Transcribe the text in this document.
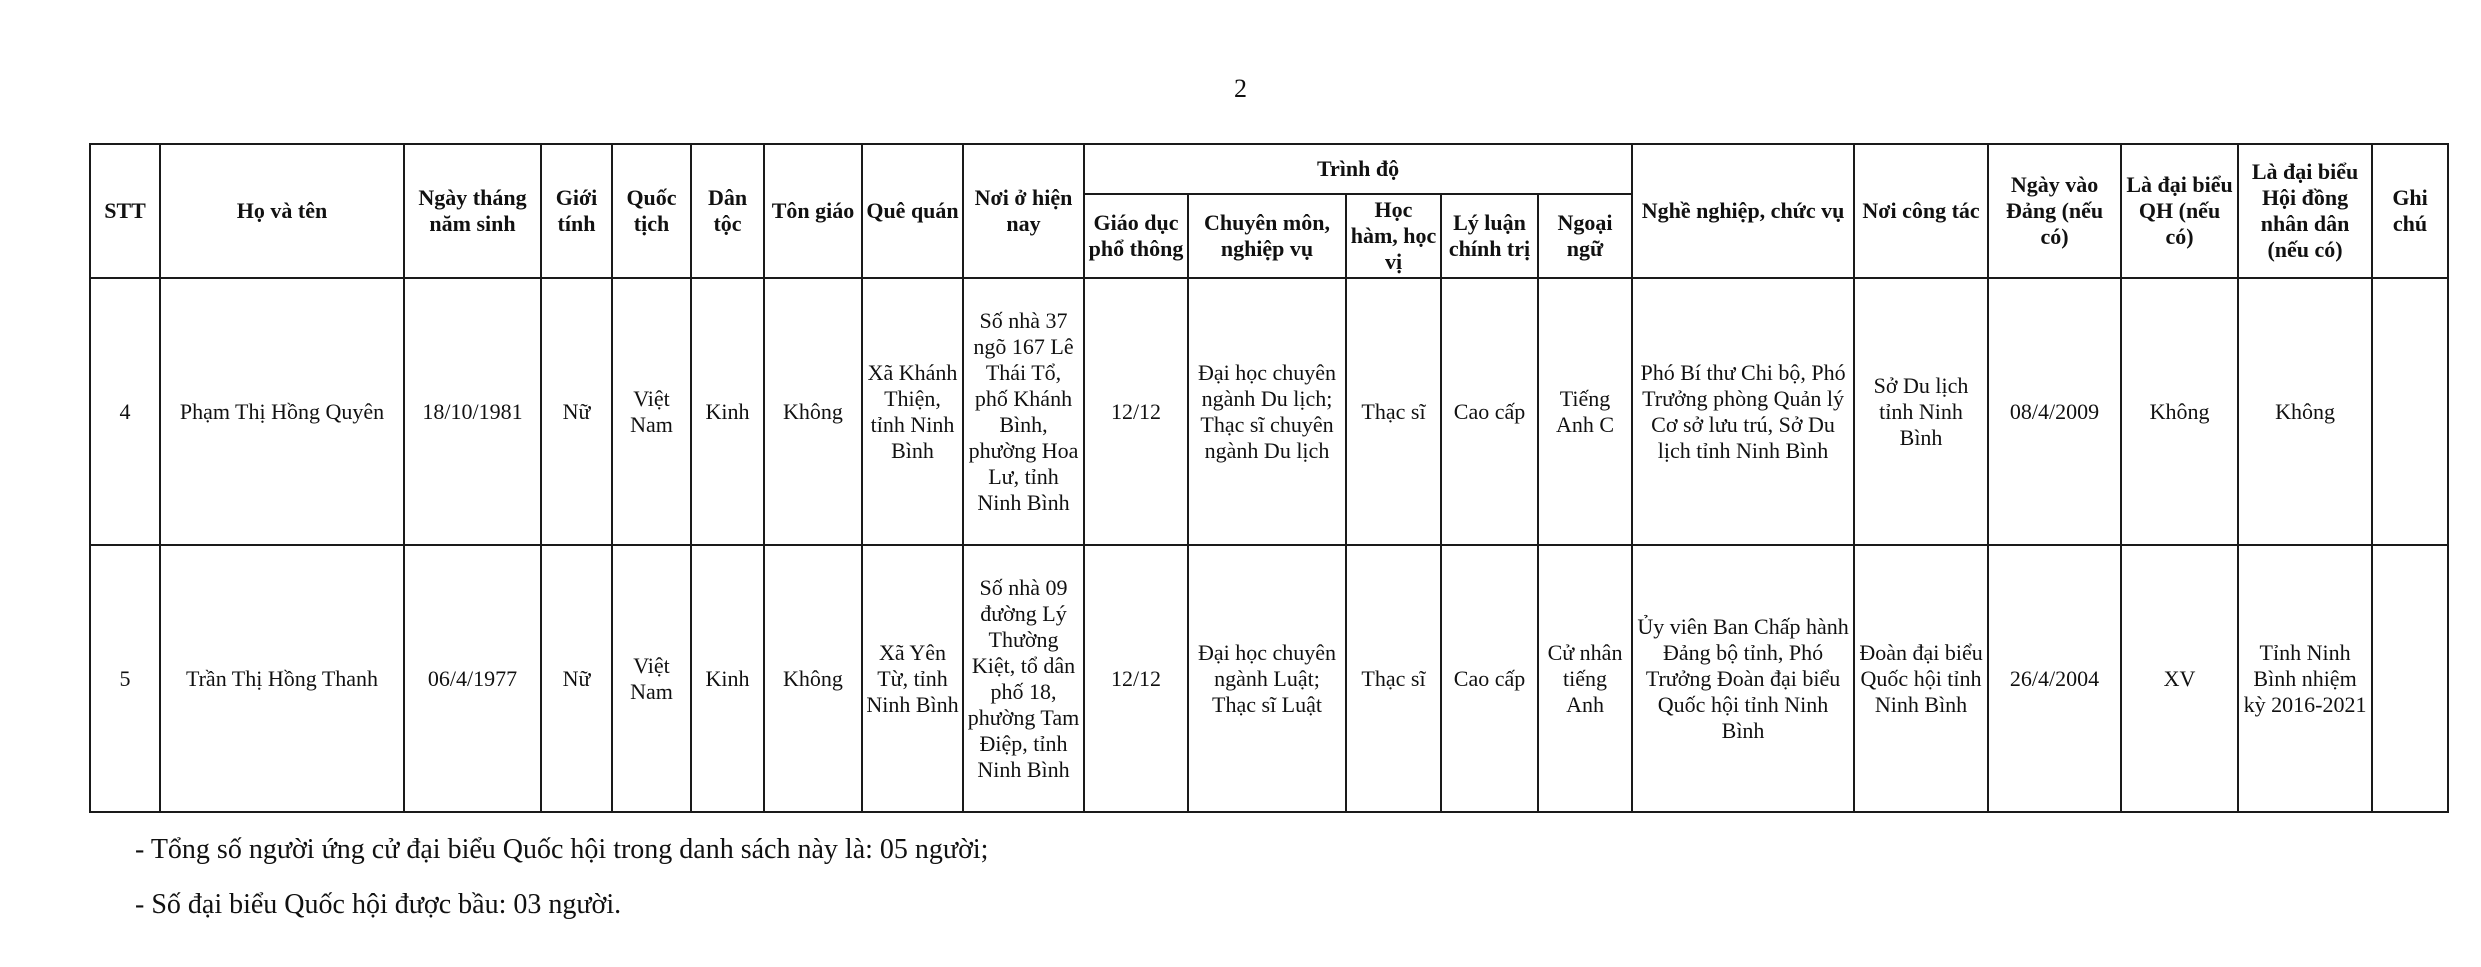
2
STT	Họ và tên	Ngày tháng năm sinh	Giới tính	Quốc tịch	Dân tộc	Tôn giáo	Quê quán	Nơi ở hiện nay	Trình độ					Nghề nghiệp, chức vụ	Nơi công tác	Ngày vào Đảng (nếu có)	Là đại biểu QH (nếu có)	Là đại biểu Hội đồng nhân dân (nếu có)	Ghi chú
									Giáo dục phổ thông	Chuyên môn, nghiệp vụ	Học hàm, học vị	Lý luận chính trị	Ngoại ngữ						
4	Phạm Thị Hồng Quyên	18/10/1981	Nữ	Việt Nam	Kinh	Không	Xã Khánh Thiện, tỉnh Ninh Bình	Số nhà 37 ngõ 167 Lê Thái Tổ, phố Khánh Bình, phường Hoa Lư, tỉnh Ninh Bình	12/12	Đại học chuyên ngành Du lịch; Thạc sĩ chuyên ngành Du lịch	Thạc sĩ	Cao cấp	Tiếng Anh C	Phó Bí thư Chi bộ, Phó Trưởng phòng Quản lý Cơ sở lưu trú, Sở Du lịch tỉnh Ninh Bình	Sở Du lịch tỉnh Ninh Bình	08/4/2009	Không	Không	
5	Trần Thị Hồng Thanh	06/4/1977	Nữ	Việt Nam	Kinh	Không	Xã Yên Từ, tỉnh Ninh Bình	Số nhà 09 đường Lý Thường Kiệt, tổ dân phố 18, phường Tam Điệp, tỉnh Ninh Bình	12/12	Đại học chuyên ngành Luật; Thạc sĩ Luật	Thạc sĩ	Cao cấp	Cử nhân tiếng Anh	Ủy viên Ban Chấp hành Đảng bộ tỉnh, Phó Trưởng Đoàn đại biểu Quốc hội tỉnh Ninh Bình	Đoàn đại biểu Quốc hội tỉnh Ninh Bình	26/4/2004	XV	Tỉnh Ninh Bình nhiệm kỳ 2016-2021	
- Tổng số người ứng cử đại biểu Quốc hội trong danh sách này là: 05 người;
- Số đại biểu Quốc hội được bầu: 03 người.
